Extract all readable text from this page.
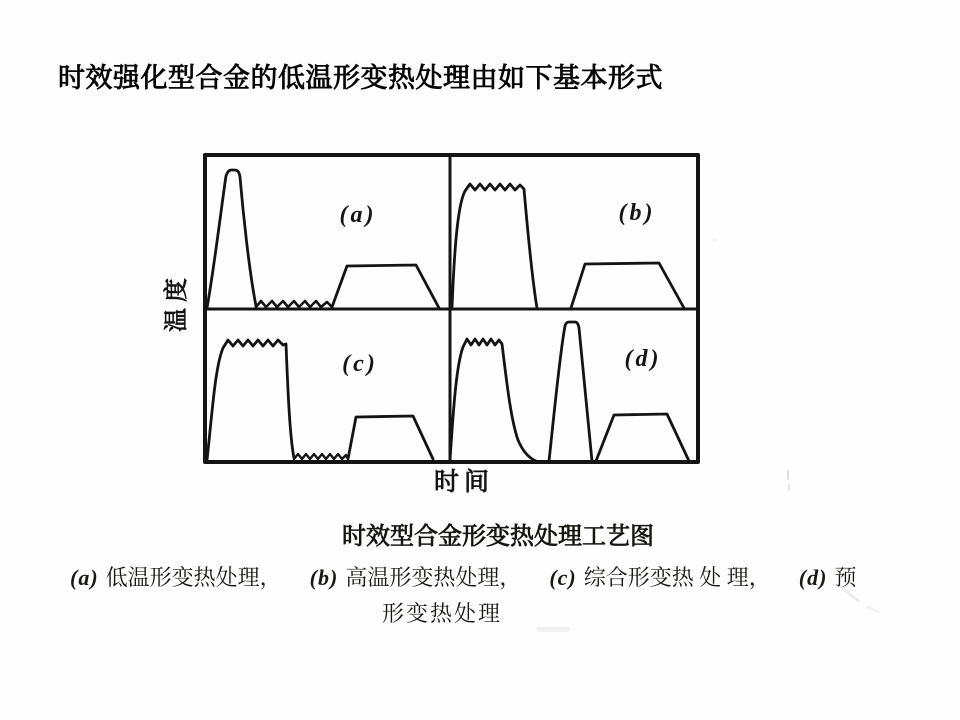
时效强化型合金的低温形变热处理由如下基本形式
(a)	(b)
(c)	(d)
温度
时间
时效型合金形变热处理工艺图
(a) 低温形变热处理， (b) 高温形变热处理， (c) 综合形变热 处 理， (d) 预
形变热处理
